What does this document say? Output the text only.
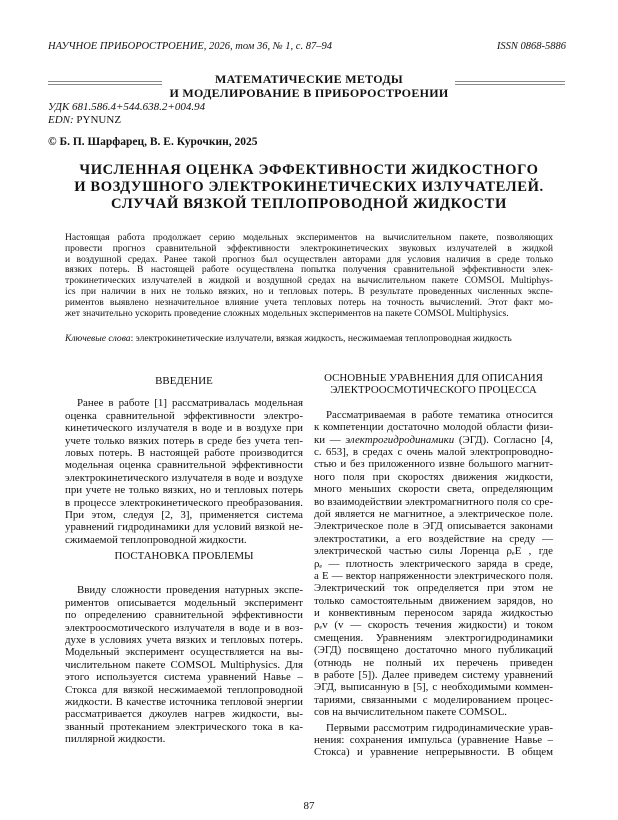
НАУЧНОЕ ПРИБОРОСТРОЕНИЕ, 2026, том 36, № 1, с. 87–94	ISSN 0868-5886
МАТЕМАТИЧЕСКИЕ МЕТОДЫ
И МОДЕЛИРОВАНИЕ В ПРИБОРОСТРОЕНИИ
УДК 681.586.4+544.638.2+004.94
EDN: PYNUNZ
© Б. П. Шарфарец, В. Е. Курочкин, 2025
ЧИСЛЕННАЯ ОЦЕНКА ЭФФЕКТИВНОСТИ ЖИДКОСТНОГО
И ВОЗДУШНОГО ЭЛЕКТРОКИНЕТИЧЕСКИХ ИЗЛУЧАТЕЛЕЙ.
СЛУЧАЙ ВЯЗКОЙ ТЕПЛОПРОВОДНОЙ ЖИДКОСТИ
Настоящая работа продолжает серию модельных экспериментов на вычислительном пакете, позволяющих
провести прогноз сравнительной эффективности электрокинетических звуковых излучателей в жидкой
и воздушной средах. Ранее такой прогноз был осуществлен авторами для условия наличия в среде только
вязких потерь. В настоящей работе осуществлена попытка получения сравнительной эффективности элек-
трокинетических излучателей в жидкой и воздушной средах на вычислительном пакете COMSOL Multiphys-
ics при наличии в них не только вязких, но и тепловых потерь. В результате проведенных численных экспе-
риментов выявлено незначительное влияние учета тепловых потерь на точность вычислений. Этот факт мо-
жет значительно ускорить проведение сложных модельных экспериментов на пакете COMSOL Multiphysics.
Ключевые слова: электрокинетические излучатели, вязкая жидкость, несжимаемая теплопроводная жидкость
ВВЕДЕНИЕ
Ранее в работе [1] рассматривалась модельная
оценка сравнительной эффективности электро-
кинетического излучателя в воде и в воздухе при
учете только вязких потерь в среде без учета теп-
ловых потерь. В настоящей работе производится
модельная оценка сравнительной эффективности
электрокинетического излучателя в воде и воздухе
при учете не только вязких, но и тепловых потерь
в процессе электрокинетического преобразования.
При этом, следуя [2, 3], применяется система
уравнений гидродинамики для условий вязкой не-
сжимаемой теплопроводной жидкости.
ПОСТАНОВКА ПРОБЛЕМЫ
Ввиду сложности проведения натурных экспе-
риментов описывается модельный эксперимент
по определению сравнительной эффективности
электроосмотического излучателя в воде и в воз-
духе в условиях учета вязких и тепловых потерь.
Модельный эксперимент осуществляется на вы-
числительном пакете COMSOL Multiphysics. Для
этого используется система уравнений Навье –
Стокса для вязкой несжимаемой теплопроводной
жидкости. В качестве источника тепловой энергии
рассматривается джоулев нагрев жидкости, вы-
званный протеканием электрического тока в ка-
пиллярной жидкости.
ОСНОВНЫЕ УРАВНЕНИЯ ДЛЯ ОПИСАНИЯ
ЭЛЕКТРООСМОТИЧЕСКОГО ПРОЦЕССА
Рассматриваемая в работе тематика относится
к компетенции достаточно молодой области физи-
ки — электрогидродинамики (ЭГД). Согласно [4,
с. 653], в средах с очень малой электропроводно-
стью и без приложенного извне большого магнит-
ного поля при скоростях движения жидкости,
много меньших скорости света, определяющим
во взаимодействии электромагнитного поля со сре-
дой является не магнитное, а электрическое поле.
Электрическое поле в ЭГД описывается законами
электростатики, а его воздействие на среду —
электрической частью силы Лоренца ρₑE , где
ρₑ — плотность электрического заряда в среде,
а E — вектор напряженности электрического поля.
Электрический ток определяется при этом не
только самостоятельным движением зарядов, но
и конвективным переносом заряда жидкостью
ρₑv (v — скорость течения жидкости) и током
смещения. Уравнениям электрогидродинамики
(ЭГД) посвящено достаточно много публикаций
(отнюдь не полный их перечень приведен
в работе [5]). Далее приведем систему уравнений
ЭГД, выписанную в [5], с необходимыми коммен-
тариями, связанными с моделированием процес-
сов на вычислительном пакете COMSOL.
Первыми рассмотрим гидродинамические урав-
нения: сохранения импульса (уравнение Навье –
Стокса) и уравнение непрерывности. В общем
87
